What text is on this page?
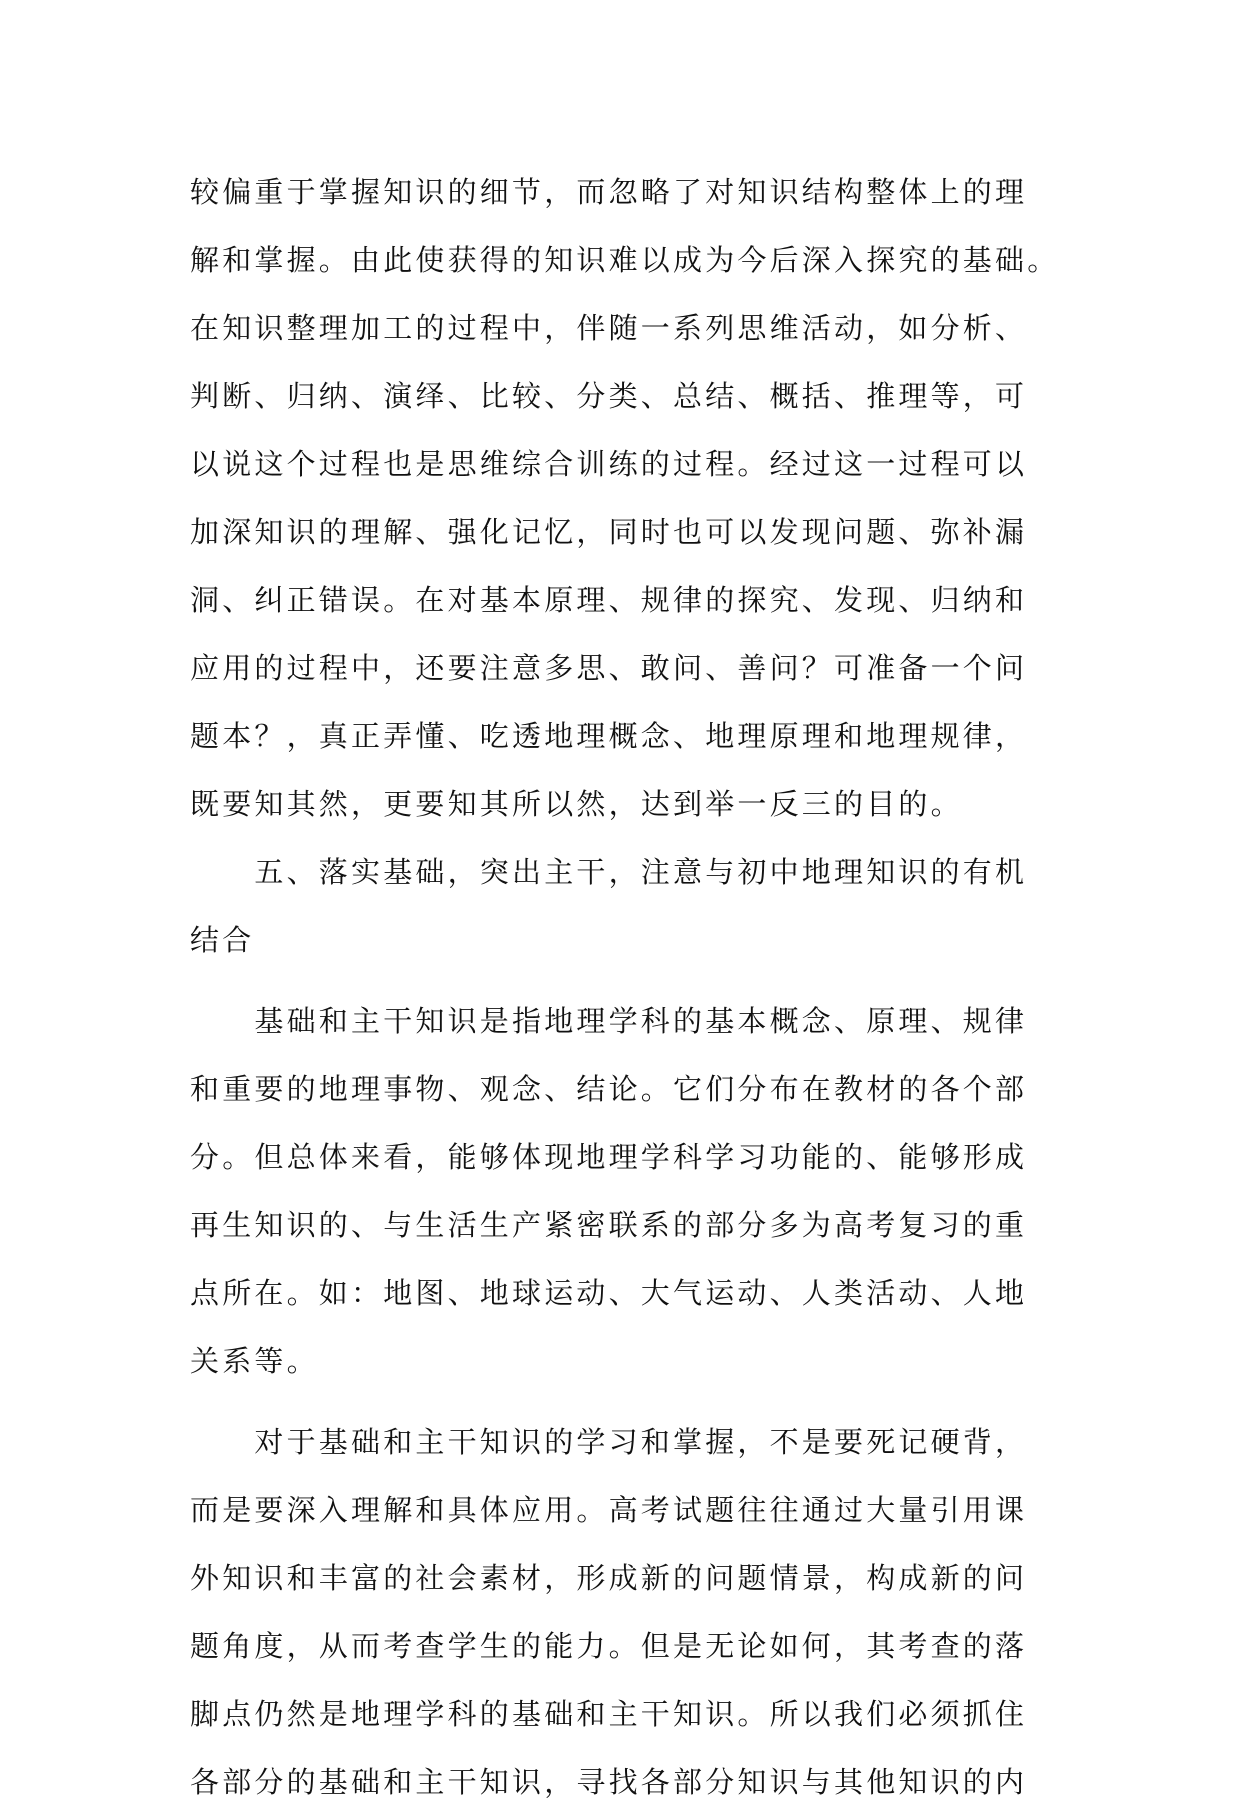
较偏重于掌握知识的细节，而忽略了对知识结构整体上的理
解和掌握。由此使获得的知识难以成为今后深入探究的基础。
在知识整理加工的过程中，伴随一系列思维活动，如分析、
判断、归纳、演绎、比较、分类、总结、概括、推理等，可
以说这个过程也是思维综合训练的过程。经过这一过程可以
加深知识的理解、强化记忆，同时也可以发现问题、弥补漏
洞、纠正错误。在对基本原理、规律的探究、发现、归纳和
应用的过程中，还要注意多思、敢问、善问？可准备一个问
题本？，真正弄懂、吃透地理概念、地理原理和地理规律，
既要知其然，更要知其所以然，达到举一反三的目的。
　　五、落实基础，突出主干，注意与初中地理知识的有机
结合
　　基础和主干知识是指地理学科的基本概念、原理、规律
和重要的地理事物、观念、结论。它们分布在教材的各个部
分。但总体来看，能够体现地理学科学习功能的、能够形成
再生知识的、与生活生产紧密联系的部分多为高考复习的重
点所在。如：地图、地球运动、大气运动、人类活动、人地
关系等。
　　对于基础和主干知识的学习和掌握，不是要死记硬背，
而是要深入理解和具体应用。高考试题往往通过大量引用课
外知识和丰富的社会素材，形成新的问题情景，构成新的问
题角度，从而考查学生的能力。但是无论如何，其考查的落
脚点仍然是地理学科的基础和主干知识。所以我们必须抓住
各部分的基础和主干知识，寻找各部分知识与其他知识的内
